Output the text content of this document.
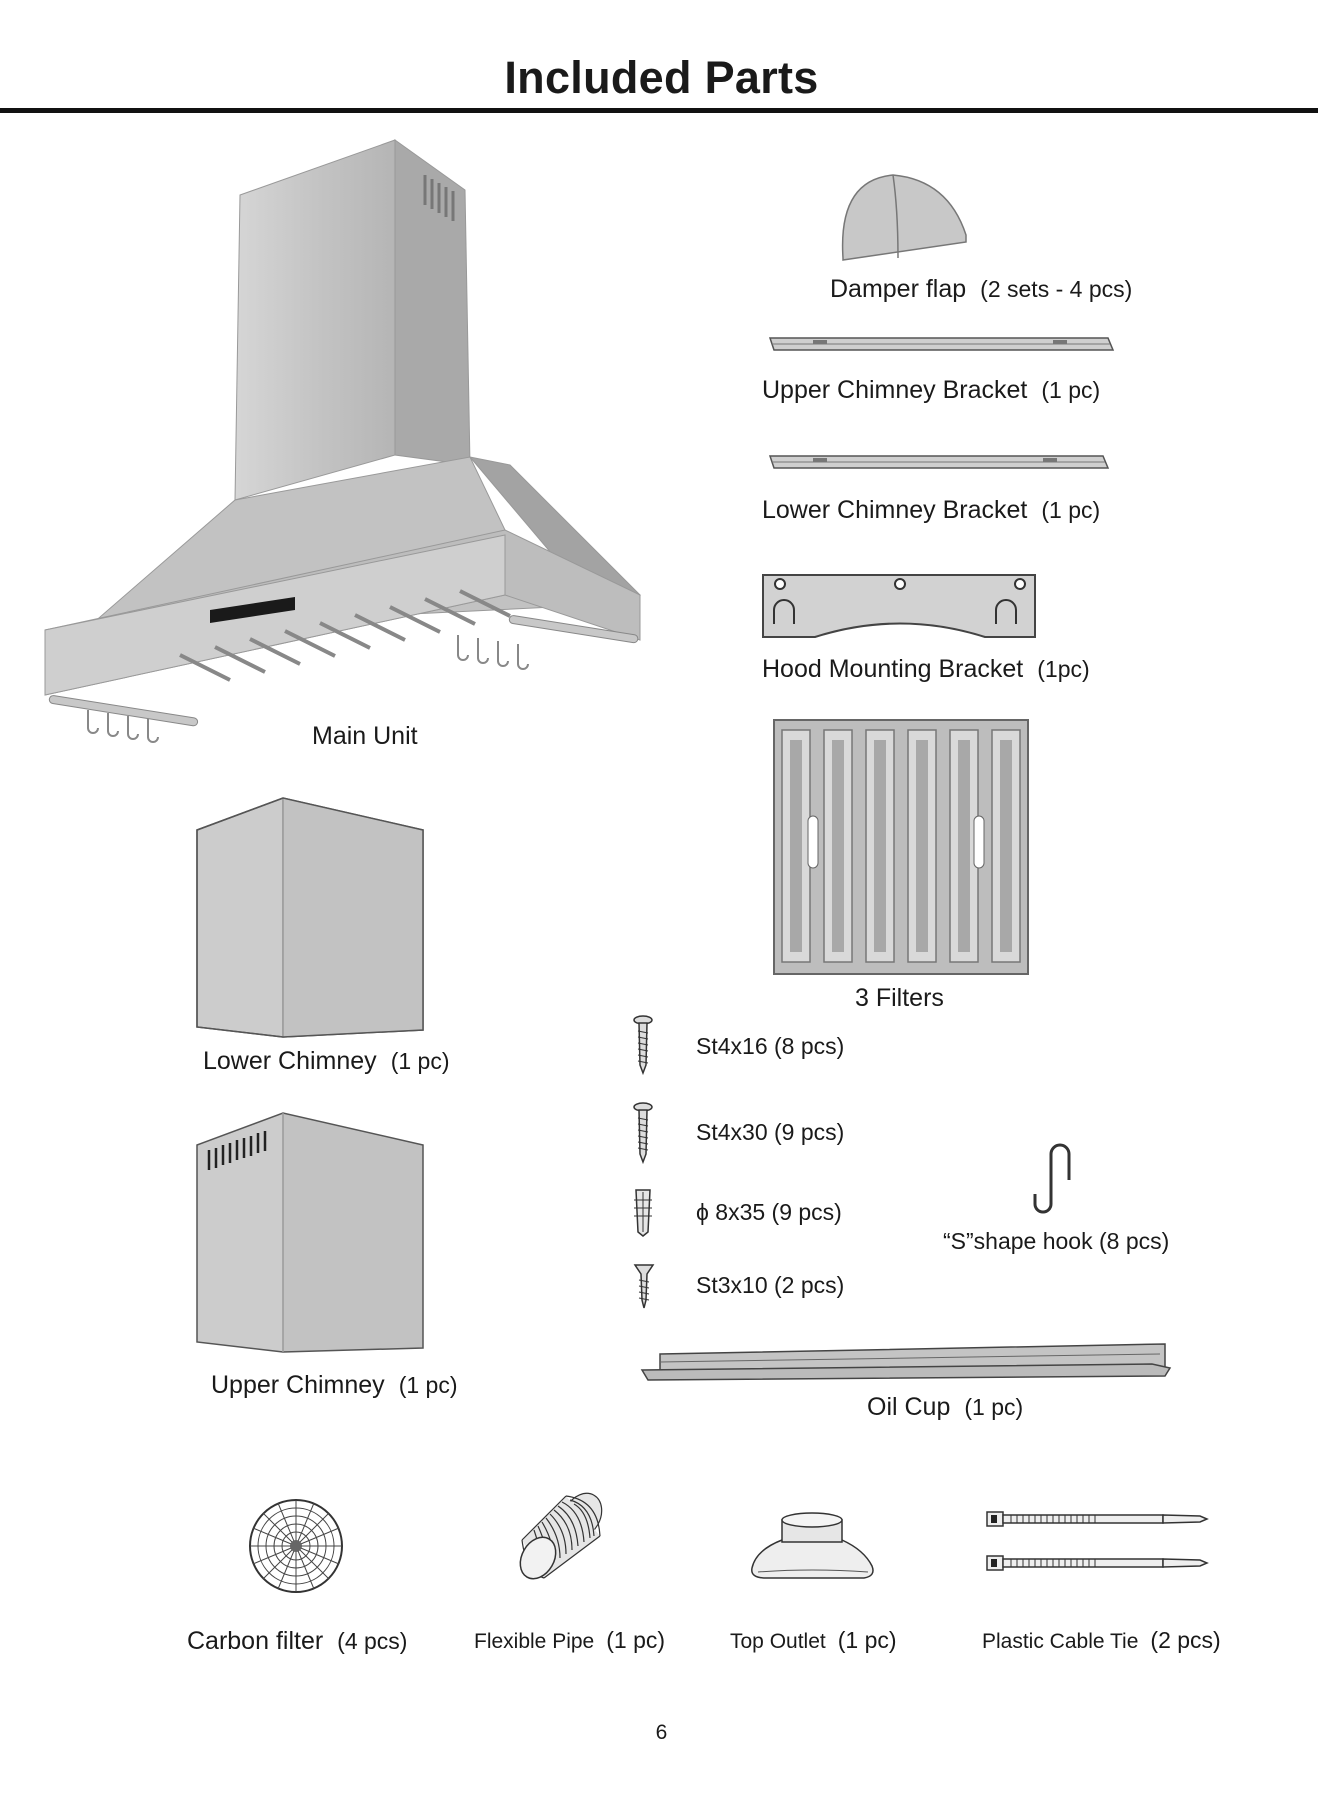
Included Parts
Main Unit
Damper flap (2 sets - 4 pcs)
Upper Chimney Bracket (1 pc)
Lower Chimney Bracket (1 pc)
Hood Mounting Bracket (1pc)
3 Filters
Lower Chimney (1 pc)
Upper Chimney (1 pc)
St4x16 (8 pcs)
St4x30 (9 pcs)
ϕ 8x35 (9 pcs)
St3x10 (2 pcs)
“S”shape hook (8 pcs)
Oil Cup (1 pc)
Carbon filter (4 pcs)	Flexible Pipe (1 pc)	Top Outlet (1 pc)	Plastic Cable Tie (2 pcs)
6
